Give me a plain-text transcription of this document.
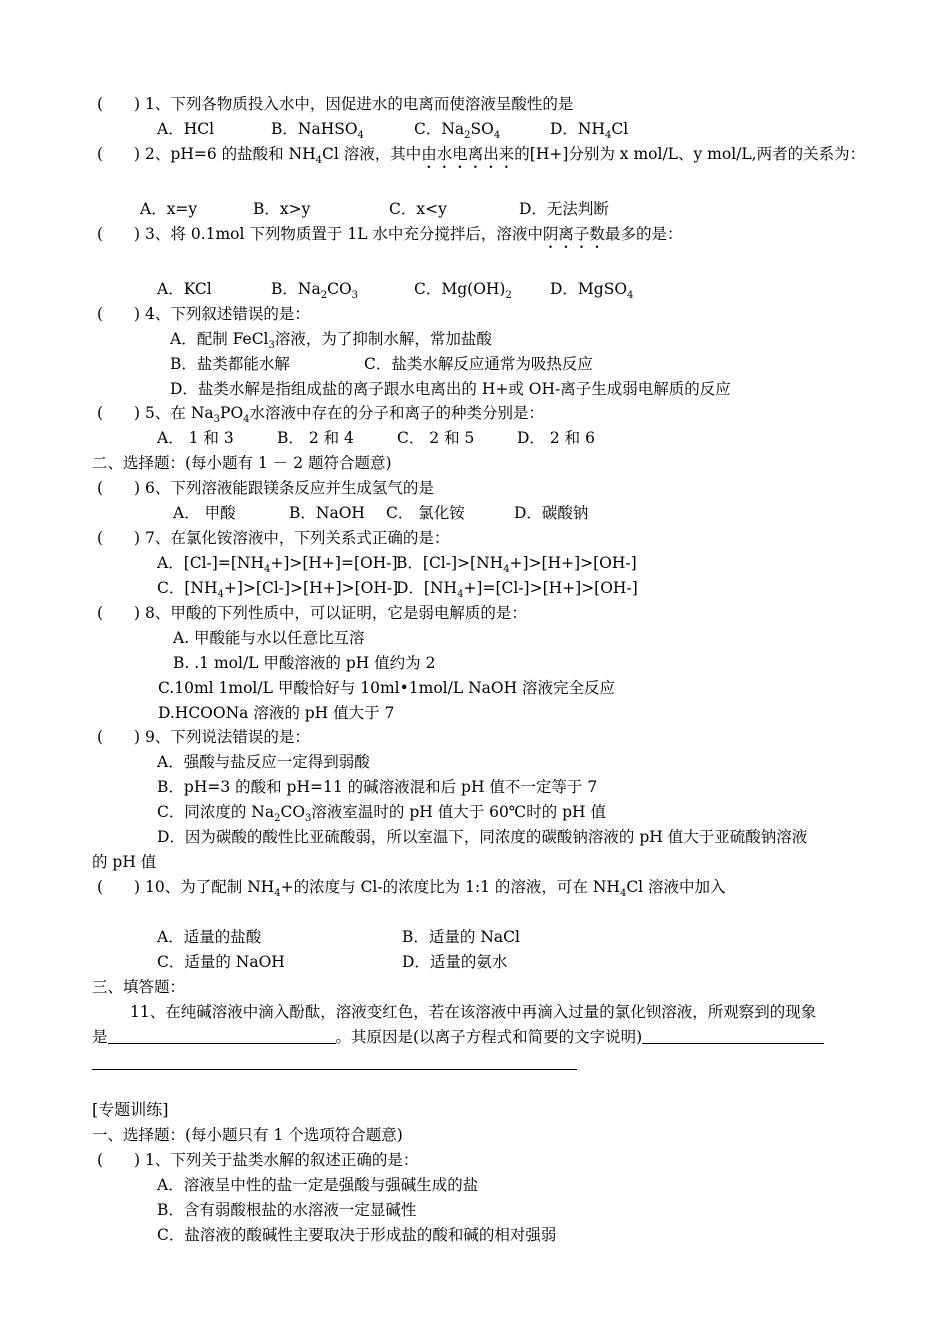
(　　) 1、下列各物质投入水中，因促进水的电离而使溶液呈酸性的是
A．HCl	B．NaHSO$_4$	C．$Na_2SO_4$	D．$NH_4Cl$
(　　) 2、pH=6 的盐酸和 $NH_4Cl$ 溶液，其中由水电离出来的[H+]分别为 x mol/L、y mol/L,两者的关系为：
A．x=y	B．x>y	C．x<y	D．无法判断
(　　) 3、将 0.1mol 下列物质置于 1L 水中充分搅拌后，溶液中阴离子数最多的是：
A．KCl	B．$Na_2CO_3$	C．$Mg(OH)_2$ D．MgSO$_4$
(　　) 4、下列叙述错误的是：
A．配制 FeCl$_3$溶液，为了抑制水解，常加盐酸
B．盐类都能水解	C．盐类水解反应通常为吸热反应
D．盐类水解是指组成盐的离子跟水电离出的 H+或 OH-离子生成弱电解质的反应
(　　) 5、在 $Na_3PO_4$水溶液中存在的分子和离子的种类分别是：
A． 1 和 3	B． 2 和 4	C． 2 和 5	D． 2 和 6
二、选择题：(每小题有 1 － 2 题符合题意)
(　　) 6、下列溶液能跟镁条反应并生成氢气的是
A． 甲酸	B．NaOH C． 氯化铵	D．碳酸钠
(　　) 7、在氯化铵溶液中，下列关系式正确的是：
A．$[Cl-]=[NH_4+]>[H+]=[OH-]B$．$[Cl-]>[NH_4+]>[H+]>[OH-]$
C．$[NH_4+]>[Cl-]>[H+]>[OH-]D$．$[NH_4+]=[Cl-]>[H+]>[OH-]$
(　　) 8、甲酸的下列性质中，可以证明，它是弱电解质的是：
A. 甲酸能与水以任意比互溶
B. .1 mol/L 甲酸溶液的 pH 值约为 2
C.10ml 1mol/L 甲酸恰好与 10ml•1mol/L NaOH 溶液完全反应
D.HCOONa 溶液的 pH 值大于 7
(　　) 9、下列说法错误的是：
A．强酸与盐反应一定得到弱酸
B．pH=3 的酸和 pH=11 的碱溶液混和后 pH 值不一定等于 7
C．同浓度的 $Na_2CO_3$溶液室温时的 pH 值大于 60℃时的 pH 值
D．因为碳酸的酸性比亚硫酸弱，所以室温下，同浓度的碳酸钠溶液的 pH 值大于亚硫酸钠溶液
的 pH 值
(　　) 10、为了配制 $NH_4+$的浓度与 Cl-的浓度比为 1:1 的溶液，可在 $NH_4Cl$ 溶液中加入
A．适量的盐酸	B．适量的 NaCl
C．适量的 NaOH	D．适量的氨水
三、填答题：
11、在纯碱溶液中滴入酚酞，溶液变红色，若在该溶液中再滴入过量的氯化钡溶液，所观察到的现象
是	。其原因是(以离子方程式和简要的文字说明)
[专题训练]
一、选择题：(每小题只有 1 个选项符合题意)
(　　) 1、下列关于盐类水解的叙述正确的是：
A．溶液呈中性的盐一定是强酸与强碱生成的盐
B．含有弱酸根盐的水溶液一定显碱性
C．盐溶液的酸碱性主要取决于形成盐的酸和碱的相对强弱
